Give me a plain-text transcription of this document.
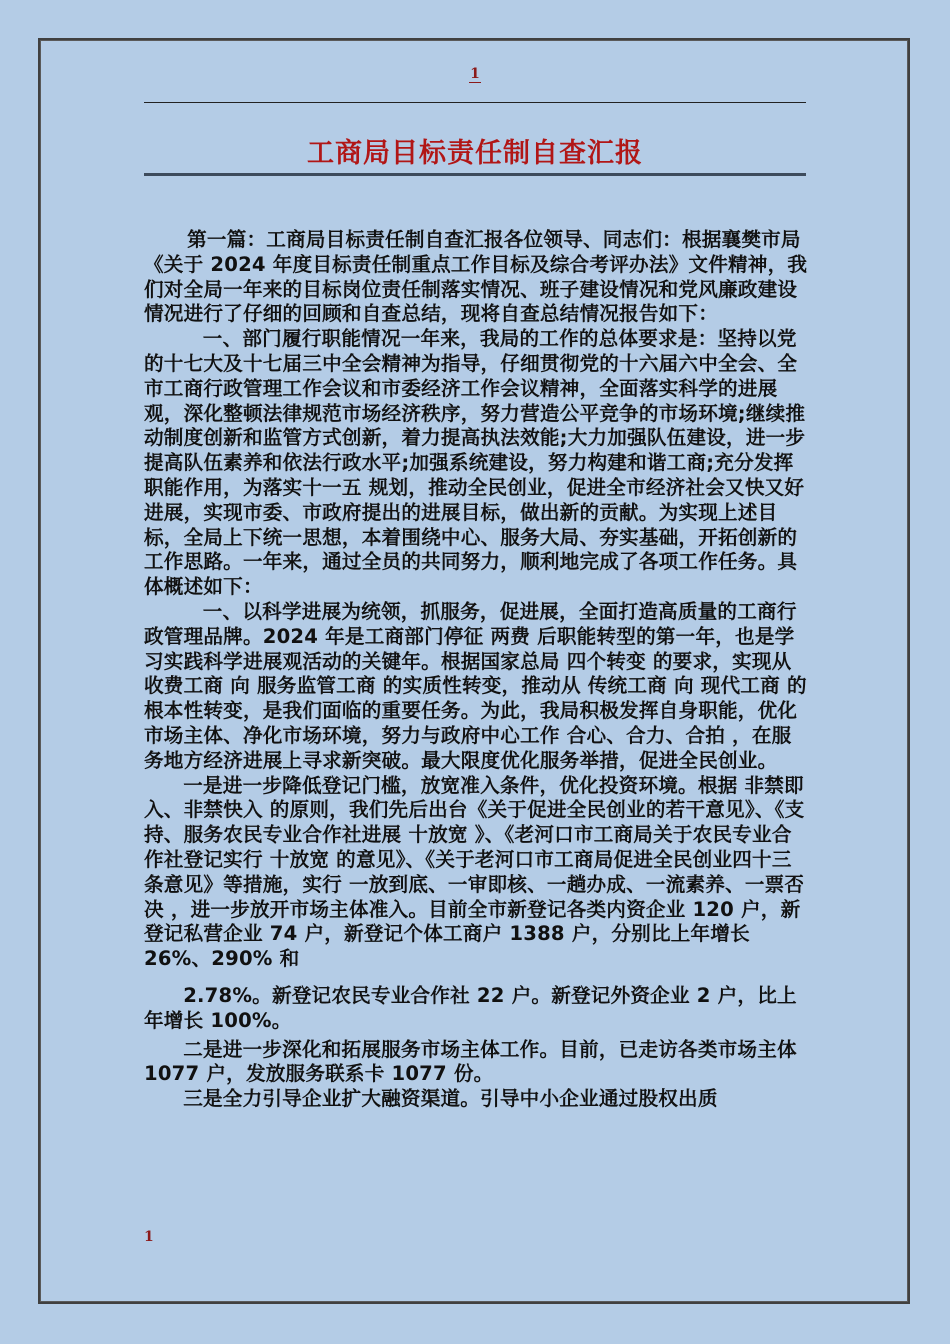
1
工商局目标责任制自查汇报

第一篇：工商局目标责任制自查汇报各位领导、同志们：根据襄樊市局《关于 2024 年度目标责任制重点工作目标及综合考评办法》文件精神，我们对全局一年来的目标岗位责任制落实情况、班子建设情况和党风廉政建设情况进行了仔细的回顾和自查总结，现将自查总结情况报告如下：

一、部门履行职能情况一年来，我局的工作的总体要求是：坚持以党的十七大及十七届三中全会精神为指导，仔细贯彻党的十六届六中全会、全市工商行政管理工作会议和市委经济工作会议精神，全面落实科学的进展观，深化整顿法律规范市场经济秩序，努力营造公平竞争的市场环境;继续推动制度创新和监管方式创新，着力提高执法效能;大力加强队伍建设，进一步提高队伍素养和依法行政水平;加强系统建设，努力构建和谐工商;充分发挥职能作用，为落实十一五 规划，推动全民创业，促进全市经济社会又快又好进展，实现市委、市政府提出的进展目标，做出新的贡献。为实现上述目标，全局上下统一思想，本着围绕中心、服务大局、夯实基础，开拓创新的工作思路。一年来，通过全员的共同努力，顺利地完成了各项工作任务。具体概述如下：

一、以科学进展为统领，抓服务，促进展，全面打造高质量的工商行政管理品牌。2024 年是工商部门停征 两费 后职能转型的第一年，也是学习实践科学进展观活动的关键年。根据国家总局 四个转变 的要求，实现从 收费工商 向 服务监管工商 的实质性转变，推动从 传统工商 向 现代工商 的根本性转变，是我们面临的重要任务。为此，我局积极发挥自身职能，优化市场主体、净化市场环境，努力与政府中心工作 合心、合力、合拍 ，在服务地方经济进展上寻求新突破。最大限度优化服务举措，促进全民创业。

一是进一步降低登记门槛，放宽准入条件，优化投资环境。根据 非禁即入、非禁快入 的原则，我们先后出台《关于促进全民创业的若干意见》、《支持、服务农民专业合作社进展 十放宽 》、《老河口市工商局关于农民专业合作社登记实行 十放宽 的意见》、《关于老河口市工商局促进全民创业四十三条意见》等措施，实行 一放到底、一审即核、一趟办成、一流素养、一票否决 ，进一步放开市场主体准入。目前全市新登记各类内资企业 120 户，新登记私营企业 74 户，新登记个体工商户 1388 户，分别比上年增长 26%、290% 和

2.78%。新登记农民专业合作社 22 户。新登记外资企业 2 户，比上年增长 100%。

二是进一步深化和拓展服务市场主体工作。目前，已走访各类市场主体 1077 户，发放服务联系卡 1077 份。

三是全力引导企业扩大融资渠道。引导中小企业通过股权出质

1
